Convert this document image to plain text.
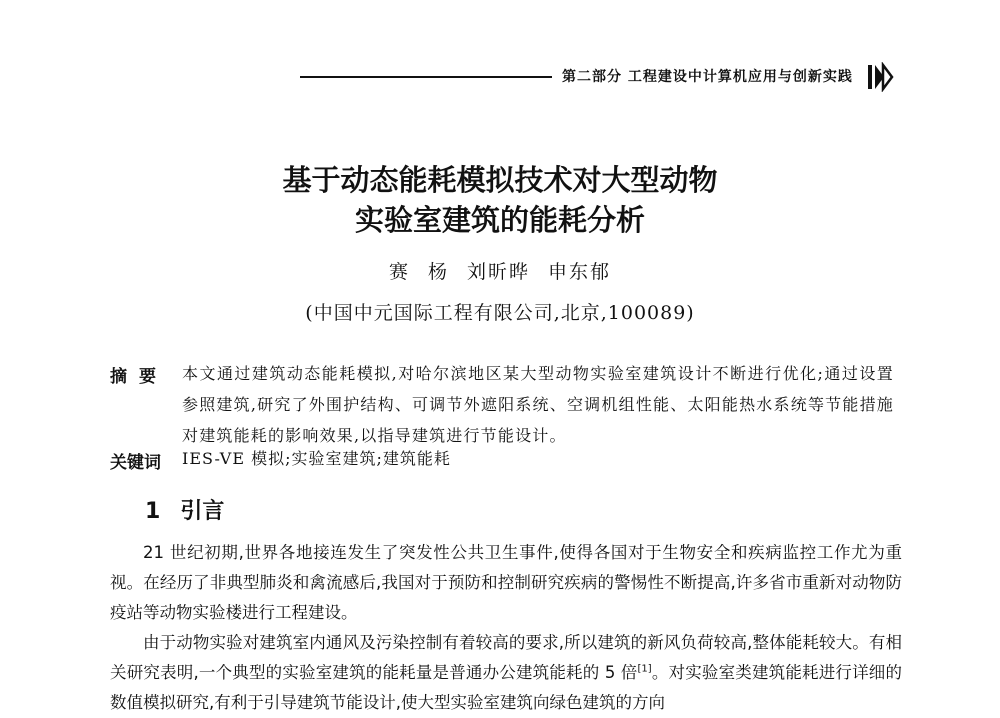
第二部分 工程建设中计算机应用与创新实践
基于动态能耗模拟技术对大型动物
实验室建筑的能耗分析
赛 杨 刘昕晔 申东郁
(中国中元国际工程有限公司,北京,100089)
摘要 本文通过建筑动态能耗模拟,对哈尔滨地区某大型动物实验室建筑设计不断进行优化;通过设置参照建筑,研究了外围护结构、可调节外遮阳系统、空调机组性能、太阳能热水系统等节能措施对建筑能耗的影响效果,以指导建筑进行节能设计。
关键词 IES-VE 模拟;实验室建筑;建筑能耗
1 引言

21 世纪初期,世界各地接连发生了突发性公共卫生事件,使得各国对于生物安全和疾病监控工作尤为重视。在经历了非典型肺炎和禽流感后,我国对于预防和控制研究疾病的警惕性不断提高,许多省市重新对动物防疫站等动物实验楼进行工程建设。

由于动物实验对建筑室内通风及污染控制有着较高的要求,所以建筑的新风负荷较高,整体能耗较大。有相关研究表明,一个典型的实验室建筑的能耗量是普通办公建筑能耗的 5 倍[1]。对实验室类建筑能耗进行详细的数值模拟研究,有利于引导建筑节能设计,使大型实验室建筑向绿色建筑的方向
